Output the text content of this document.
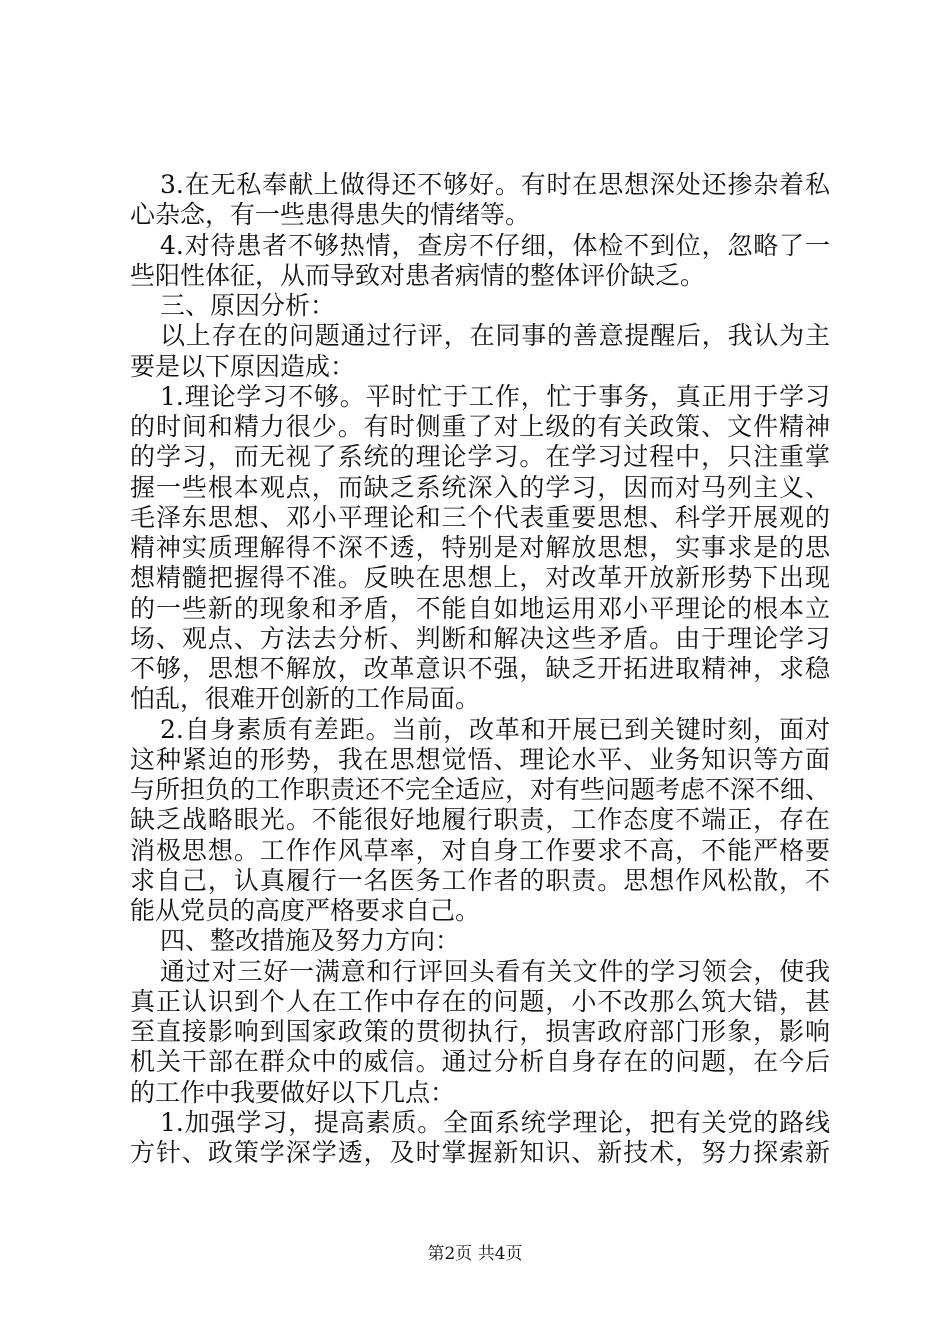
3.在无私奉献上做得还不够好。有时在思想深处还掺杂着私
心杂念，有一些患得患失的情绪等。
4.对待患者不够热情，查房不仔细，体检不到位，忽略了一
些阳性体征，从而导致对患者病情的整体评价缺乏。
三、原因分析：
以上存在的问题通过行评，在同事的善意提醒后，我认为主
要是以下原因造成：
1.理论学习不够。平时忙于工作，忙于事务，真正用于学习
的时间和精力很少。有时侧重了对上级的有关政策、文件精神
的学习，而无视了系统的理论学习。在学习过程中，只注重掌
握一些根本观点，而缺乏系统深入的学习，因而对马列主义、
毛泽东思想、邓小平理论和三个代表重要思想、科学开展观的
精神实质理解得不深不透，特别是对解放思想，实事求是的思
想精髓把握得不准。反映在思想上，对改革开放新形势下出现
的一些新的现象和矛盾，不能自如地运用邓小平理论的根本立
场、观点、方法去分析、判断和解决这些矛盾。由于理论学习
不够，思想不解放，改革意识不强，缺乏开拓进取精神，求稳
怕乱，很难开创新的工作局面。
2.自身素质有差距。当前，改革和开展已到关键时刻，面对
这种紧迫的形势，我在思想觉悟、理论水平、业务知识等方面
与所担负的工作职责还不完全适应，对有些问题考虑不深不细、
缺乏战略眼光。不能很好地履行职责，工作态度不端正，存在
消极思想。工作作风草率，对自身工作要求不高，不能严格要
求自己，认真履行一名医务工作者的职责。思想作风松散，不
能从党员的高度严格要求自己。
四、整改措施及努力方向：
通过对三好一满意和行评回头看有关文件的学习领会，使我
真正认识到个人在工作中存在的问题，小不改那么筑大错，甚
至直接影响到国家政策的贯彻执行，损害政府部门形象，影响
机关干部在群众中的威信。通过分析自身存在的问题，在今后
的工作中我要做好以下几点：
1.加强学习，提高素质。全面系统学理论，把有关党的路线
方针、政策学深学透，及时掌握新知识、新技术，努力探索新
第2页 共4页
